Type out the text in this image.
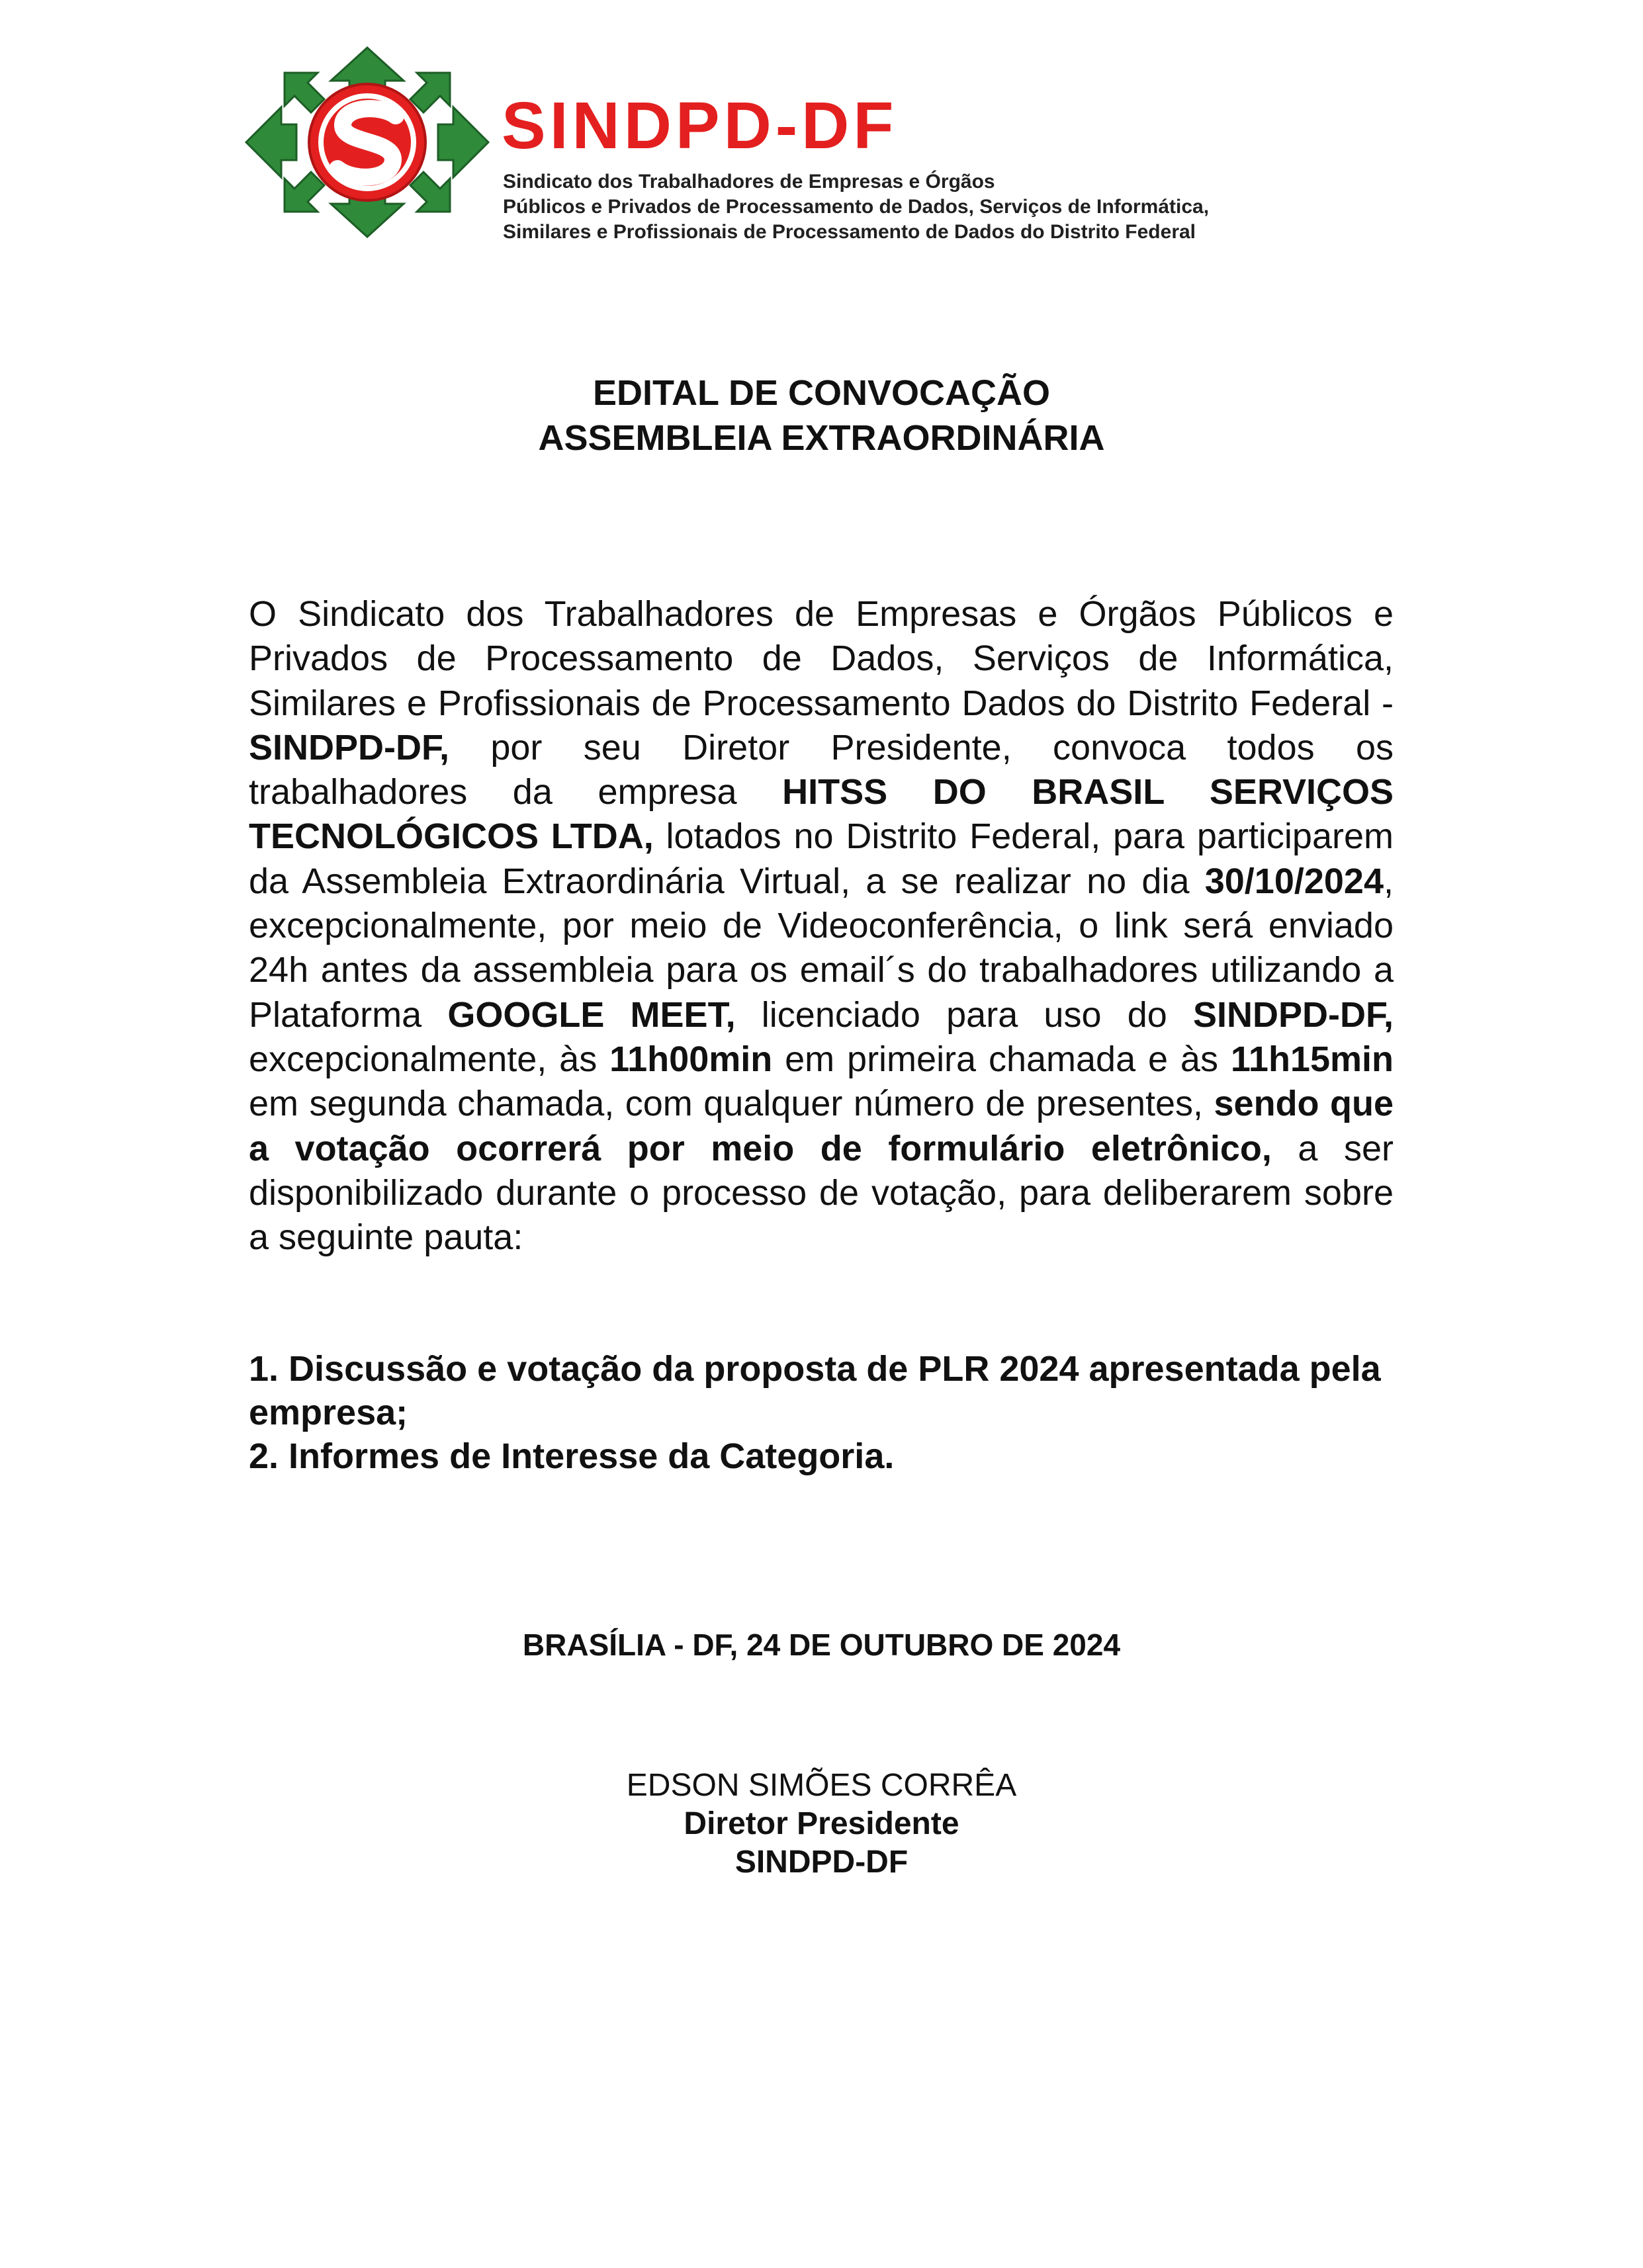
SINDPD-DF
Sindicato dos Trabalhadores de Empresas e Órgãos
Públicos e Privados de Processamento de Dados, Serviços de Informática,
Similares e Profissionais de Processamento de Dados do Distrito Federal
EDITAL DE CONVOCAÇÃO
ASSEMBLEIA EXTRAORDINÁRIA
O Sindicato dos Trabalhadores de Empresas e Órgãos Públicos e Privados de Processamento de Dados, Serviços de Informática, Similares e Profissionais de Processamento Dados do Distrito Federal - SINDPD-DF, por seu Diretor Presidente, convoca todos os trabalhadores da empresa HITSS DO BRASIL SERVIÇOS TECNOLÓGICOS LTDA, lotados no Distrito Federal, para participarem da Assembleia Extraordinária Virtual, a se realizar no dia 30/10/2024, excepcionalmente, por meio de Videoconferência, o link será enviado 24h antes da assembleia para os email´s do trabalhadores utilizando a Plataforma GOOGLE MEET, licenciado para uso do SINDPD-DF, excepcionalmente, às 11h00min em primeira chamada e às 11h15min em segunda chamada, com qualquer número de presentes, sendo que a votação ocorrerá por meio de formulário eletrônico, a ser disponibilizado durante o processo de votação, para deliberarem sobre a seguinte pauta:
1. Discussão e votação da proposta de PLR 2024 apresentada pela empresa;
2. Informes de Interesse da Categoria.
BRASÍLIA - DF, 24 DE OUTUBRO DE 2024
EDSON SIMÕES CORRÊA
Diretor Presidente
SINDPD-DF
